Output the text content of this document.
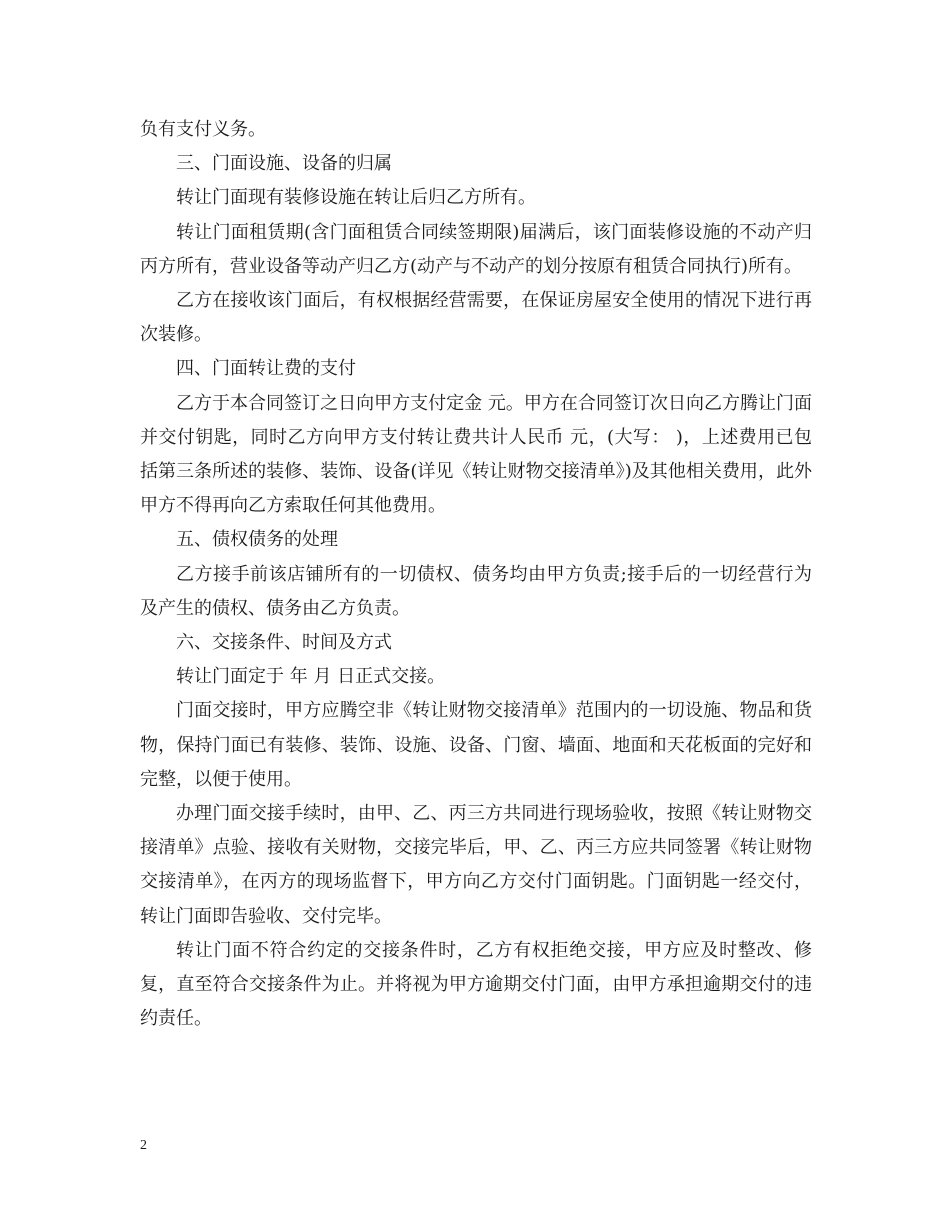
负有支付义务。

三、门面设施、设备的归属

转让门面现有装修设施在转让后归乙方所有。

转让门面租赁期(含门面租赁合同续签期限)届满后，该门面装修设施的不动产归丙方所有，营业设备等动产归乙方(动产与不动产的划分按原有租赁合同执行)所有。

乙方在接收该门面后，有权根据经营需要，在保证房屋安全使用的情况下进行再次装修。

四、门面转让费的支付

乙方于本合同签订之日向甲方支付定金 元。甲方在合同签订次日向乙方腾让门面并交付钥匙，同时乙方向甲方支付转让费共计人民币 元，(大写： )，上述费用已包括第三条所述的装修、装饰、设备(详见《转让财物交接清单》)及其他相关费用，此外甲方不得再向乙方索取任何其他费用。

五、债权债务的处理

乙方接手前该店铺所有的一切债权、债务均由甲方负责;接手后的一切经营行为及产生的债权、债务由乙方负责。

六、交接条件、时间及方式

转让门面定于 年 月 日正式交接。

门面交接时，甲方应腾空非《转让财物交接清单》范围内的一切设施、物品和货物，保持门面已有装修、装饰、设施、设备、门窗、墙面、地面和天花板面的完好和完整，以便于使用。

办理门面交接手续时，由甲、乙、丙三方共同进行现场验收，按照《转让财物交接清单》点验、接收有关财物，交接完毕后，甲、乙、丙三方应共同签署《转让财物交接清单》，在丙方的现场监督下，甲方向乙方交付门面钥匙。门面钥匙一经交付，转让门面即告验收、交付完毕。

转让门面不符合约定的交接条件时，乙方有权拒绝交接，甲方应及时整改、修复，直至符合交接条件为止。并将视为甲方逾期交付门面，由甲方承担逾期交付的违约责任。

2
